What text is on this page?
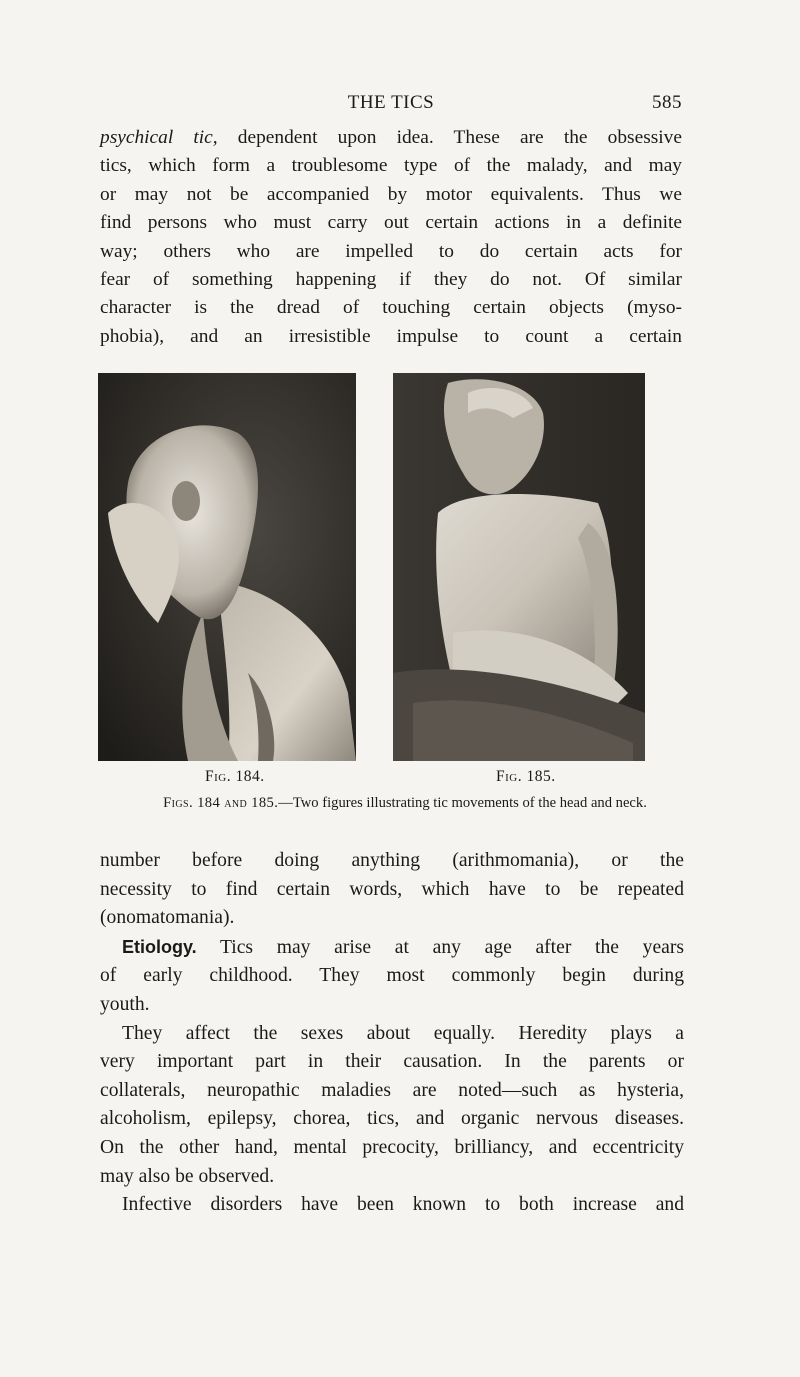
THE TICS	585
psychical tic, dependent upon idea. These are the obsessive
tics, which form a troublesome type of the malady, and may
or may not be accompanied by motor equivalents. Thus we
find persons who must carry out certain actions in a definite
way; others who are impelled to do certain acts for
fear of something happening if they do not. Of similar
character is the dread of touching certain objects (myso-
phobia), and an irresistible impulse to count a certain
Fig. 184.	Fig. 185.
Figs. 184 and 185.—Two figures illustrating tic movements of the head and neck.
number before doing anything (arithmomania), or the
necessity to find certain words, which have to be repeated
(onomatomania).
Etiology. Tics may arise at any age after the years
of early childhood. They most commonly begin during
youth.
They affect the sexes about equally. Heredity plays a
very important part in their causation. In the parents or
collaterals, neuropathic maladies are noted—such as hysteria,
alcoholism, epilepsy, chorea, tics, and organic nervous diseases.
On the other hand, mental precocity, brilliancy, and eccentricity
may also be observed.
Infective disorders have been known to both increase and
